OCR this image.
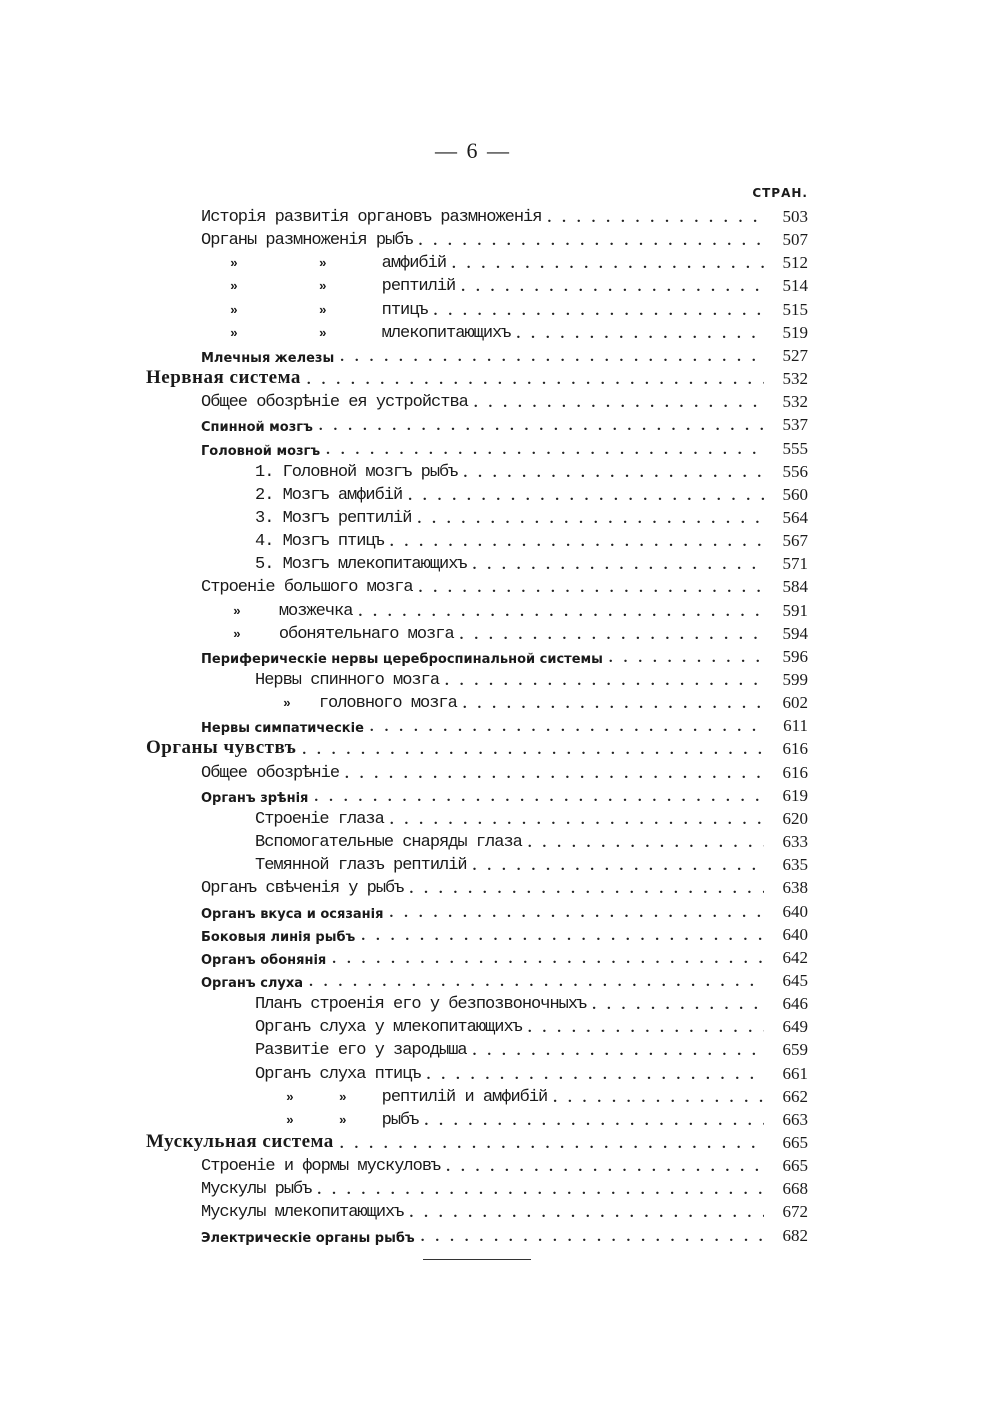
— 6 —
СТРАН.
Исторія развитія органовъ размноженія . . .	503
Органы размноженія рыбъ . . .	507
»	»	амфибій . . .	512
»	»	рептилій . . .	514
»	»	птицъ . . .	515
»	»	млекопитающихъ . . .	519
Млечныя железы . . .	527
Нервная система . . .	532
Общее обозрѣніе ея устройства . . .	532
Спинной мозгъ . . .	537
Головной мозгъ . . .	555
1. Головной мозгъ рыбъ . . .	556
2. Мозгъ амфибій . . .	560
3. Мозгъ рептилій . . .	564
4. Мозгъ птицъ . . .	567
5. Мозгъ млекопитающихъ . . .	571
Строеніе большого мозга . . .	584
» мозжечка . . .	591
» обонятельнаго мозга . . .	594
Периферическіе нервы цереброспинальной системы . . .	596
Нервы спинного мозга . . .	599
» головного мозга . . .	602
Нервы симпатическіе . . .	611
Органы чувствъ . . .	616
Общее обозрѣніе . . .	616
Органъ зрѣнія . . .	619
Строеніе глаза . . .	620
Вспомогательные снаряды глаза . . .	633
Темянной глазъ рептилій . . .	635
Органъ свѣченія у рыбъ . . .	638
Органъ вкуса и осязанія . . .	640
Боковыя линія рыбъ . . .	640
Органъ обонянія . . .	642
Органъ слуха . . .	645
Планъ строенія его у безпозвоночныхъ . . .	646
Органъ слуха у млекопитающихъ . . .	649
Развитіе его у зародыша . . .	659
Органъ слуха птицъ . . .	661
»	» рептилій и амфибій . . .	662
»	» рыбъ . . .	663
Мускульная система . . .	665
Строеніе и формы мускуловъ . . .	665
Мускулы рыбъ . . .	668
Мускулы млекопитающихъ . . .	672
Электрическіе органы рыбъ . . .	682
